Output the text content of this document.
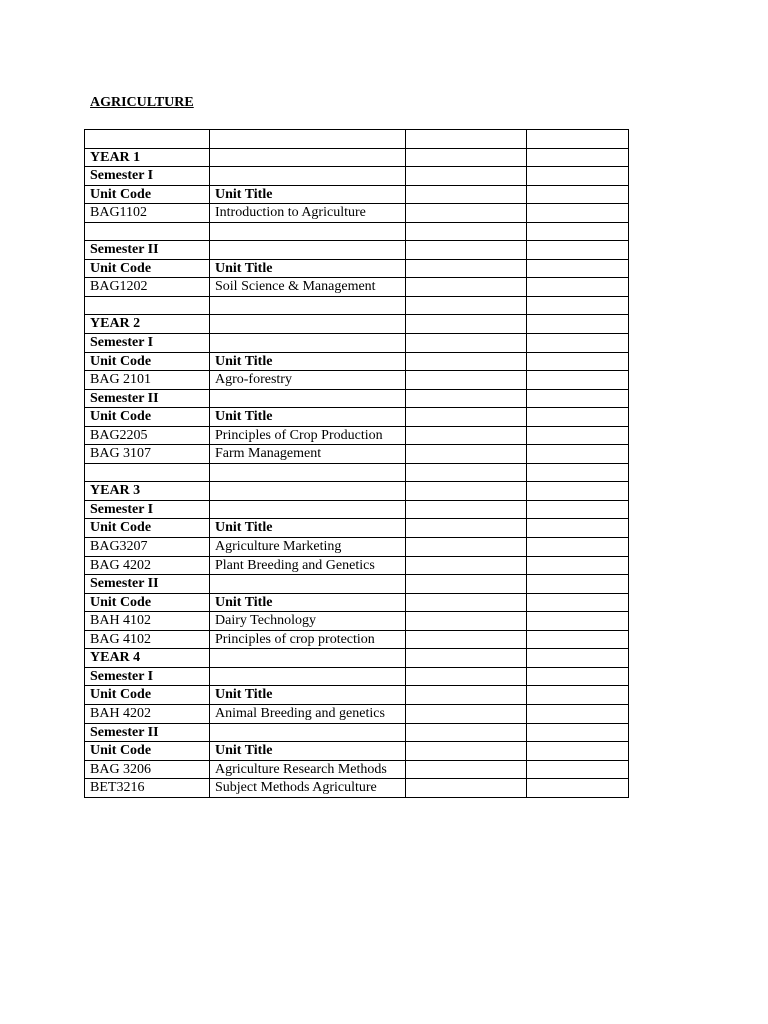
AGRICULTURE

YEAR 1			
Semester I			
Unit Code	Unit Title		
BAG1102	Introduction to Agriculture		

Semester II			
Unit Code	Unit Title		
BAG1202	Soil Science & Management		

YEAR 2			
Semester I			
Unit Code	Unit Title		
BAG 2101	Agro-forestry		
Semester II			
Unit Code	Unit Title		
BAG2205	Principles of Crop Production		
BAG 3107	Farm Management		

YEAR 3			
Semester I			
Unit Code	Unit Title		
BAG3207	Agriculture Marketing		
BAG 4202	Plant Breeding and Genetics		
Semester II			
Unit Code	Unit Title		
BAH 4102	Dairy Technology		
BAG 4102	Principles of crop protection		
YEAR 4			
Semester I			
Unit Code	Unit Title		
BAH 4202	Animal Breeding and genetics		
Semester II			
Unit Code	Unit Title		
BAG 3206	Agriculture Research Methods		
BET3216	Subject Methods Agriculture		
